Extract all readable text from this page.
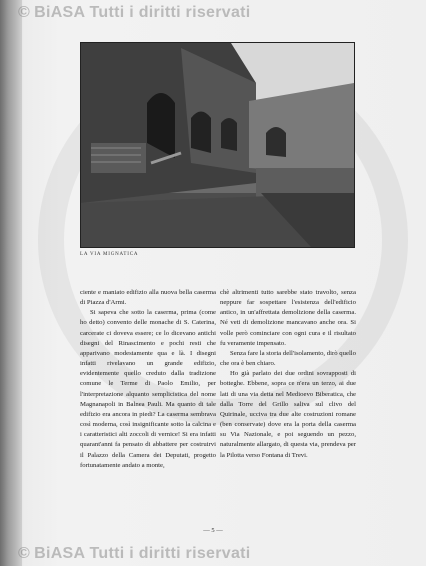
© BiASA Tutti i diritti riservati
LA VIA MIGNATICA

ciente e maniato edifizio alla nuova bella caserma di Piazza d'Armi.

Si sapeva che sotto la caserma, prima (come ho detto) convento delle monache di S. Caterina, carcerate ci doveva essere; ce lo dicevano antichi disegni del Rinascimento e pochi resti che apparivano modestamente qua e là. I disegni infatti rivelavano un grande edifizio, evidentemente quello creduto dalla tradizione comune le Terme di Paolo Emilio, per l'interpretazione alquanto semplicistica del nome Magnanapoli in Balnea Pauli. Ma quanto di tale edifizio era ancora in piedi? La caserma sembrava così moderna, così insignificante sotto la calcina e i caratteristici alti zoccoli di vernice! Si era infatti quarant'anni fa pensato di abbattere per costruirvi il Palazzo della Camera dei Deputati, progetto fortunatamente andato a monte,

chè altrimenti tutto sarebbe stato travolto, senza neppure far sospettare l'esistenza dell'edificio antico, in un'affrettata demolizione della caserma. Né veti di demolizione mancavano anche ora. Si volle però cominciare con ogni cura e il risultato fu veramente impensato.

Senza fare la storia dell'isolamento, dirò quello che ora è ben chiaro.

Ho già parlato dei due ordini sovrapposti di botteghe. Ebbene, sopra ce n'era un terzo, ai due lati di una via detta nel Medioevo Biberatica, che dalla Torre del Grillo saliva sul clivo del Quirinale, ucciva tra due alte costruzioni romane (ben conservate) dove era la porta della caserma su Via Nazionale, e poi seguendo un pezzo, naturalmente allargato, di questa via, prendeva per la Pilotta verso Fontana di Trevi.

— 5 —
© BiASA Tutti i diritti riservati
